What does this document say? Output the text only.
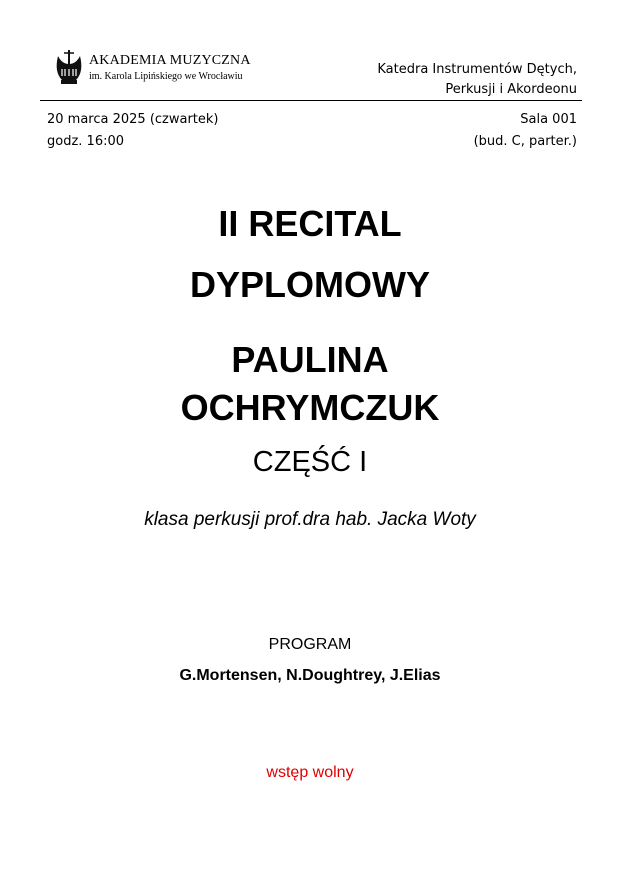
AKADEMIA MUZYCZNA
im. Karola Lipińskiego we Wrocławiu	Katedra Instrumentów Dętych,
Perkusji i Akordeonu
20 marca 2025 (czwartek)
godz. 16:00
Sala 001
(bud. C, parter.)
II RECITAL
DYPLOMOWY
PAULINA
OCHRYMCZUK
CZĘŚĆ I
klasa perkusji prof.dra hab. Jacka Woty
PROGRAM
G.Mortensen, N.Doughtrey, J.Elias
wstęp wolny
